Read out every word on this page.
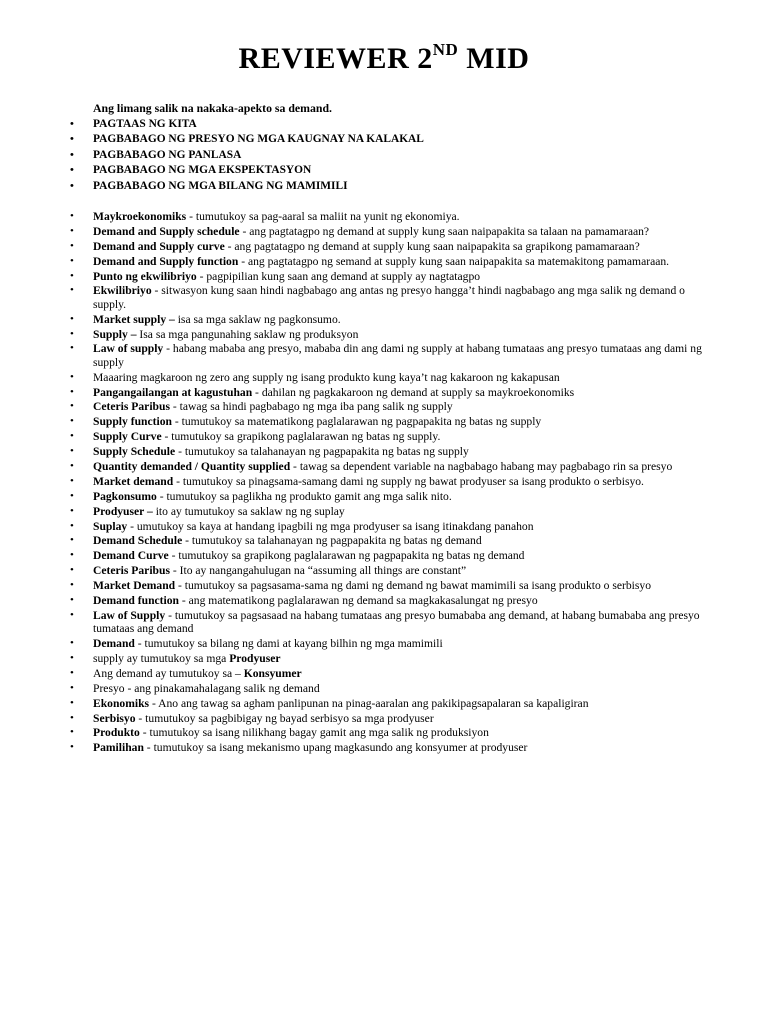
REVIEWER 2ND MID
Ang limang salik na nakaka-apekto sa demand.
• PAGTAAS NG KITA
• PAGBABAGO NG PRESYO NG MGA KAUGNAY NA KALAKAL
• PAGBABAGO NG PANLASA
• PAGBABAGO NG MGA EKSPEKTASYON
• PAGBABAGO NG MGA BILANG NG MAMIMILI
• Maykroekonomiks - tumutukoy sa pag-aaral sa maliit na yunit ng ekonomiya.
• Demand and Supply schedule - ang pagtatagpo ng demand at supply kung saan naipapakita sa talaan na pamamaraan?
• Demand and Supply curve - ang pagtatagpo ng demand at supply kung saan naipapakita sa grapikong pamamaraan?
• Demand and Supply function - ang pagtatagpo ng semand at supply kung saan naipapakita sa matemakitong pamamaraan.
• Punto ng ekwilibriyo - pagpipilian kung saan ang demand at supply ay nagtatagpo
• Ekwilibriyo - sitwasyon kung saan hindi nagbabago ang antas ng presyo hangga’t hindi nagbabago ang mga salik ng demand o supply.
• Market supply – isa sa mga saklaw ng pagkonsumo.
• Supply – Isa sa mga pangunahing saklaw ng produksyon
• Law of supply - habang mababa ang presyo, mababa din ang dami ng supply at habang tumataas ang presyo tumataas ang dami ng supply
• Maaaring magkaroon ng zero ang supply ng isang produkto kung kaya’t nag kakaroon ng kakapusan
• Pangangailangan at kagustuhan - dahilan ng pagkakaroon ng demand at supply sa maykroekonomiks
• Ceteris Paribus - tawag sa hindi pagbabago ng mga iba pang salik ng supply
• Supply function - tumutukoy sa matematikong paglalarawan ng pagpapakita ng batas ng supply
• Supply Curve - tumutukoy sa grapikong paglalarawan ng batas ng supply.
• Supply Schedule - tumutukoy sa talahanayan ng pagpapakita ng batas ng supply
• Quantity demanded / Quantity supplied - tawag sa dependent variable na nagbabago habang may pagbabago rin sa presyo
• Market demand - tumutukoy sa pinagsama-samang dami ng supply ng bawat prodyuser sa isang produkto o serbisyo.
• Pagkonsumo - tumutukoy sa paglikha ng produkto gamit ang mga salik nito.
• Prodyuser – ito ay tumutukoy sa saklaw ng ng suplay
• Suplay - umutukoy sa kaya at handang ipagbili ng mga prodyuser sa isang itinakdang panahon
• Demand Schedule - tumutukoy sa talahanayan ng pagpapakita ng batas ng demand
• Demand Curve - tumutukoy sa grapikong paglalarawan ng pagpapakita ng batas ng demand
• Ceteris Paribus - Ito ay nangangahulugan na “assuming all things are constant”
• Market Demand - tumutukoy sa pagsasama-sama ng dami ng demand ng bawat mamimili sa isang produkto o serbisyo
• Demand function - ang matematikong paglalarawan ng demand sa magkakasalungat ng presyo
• Law of Supply - tumutukoy sa pagsasaad na habang tumataas ang presyo bumababa ang demand, at habang bumababa ang presyo tumataas ang demand
• Demand - tumutukoy sa bilang ng dami at kayang bilhin ng mga mamimili
• supply ay tumutukoy sa mga Prodyuser
• Ang demand ay tumutukoy sa – Konsyumer
• Presyo - ang pinakamahalagang salik ng demand
• Ekonomiks - Ano ang tawag sa agham panlipunan na pinag-aaralan ang pakikipagsapalaran sa kapaligiran
• Serbisyo - tumutukoy sa pagbibigay ng bayad serbisyo sa mga prodyuser
• Produkto - tumutukoy sa isang nilikhang bagay gamit ang mga salik ng produksiyon
• Pamilihan - tumutukoy sa isang mekanismo upang magkasundo ang konsyumer at prodyuser
